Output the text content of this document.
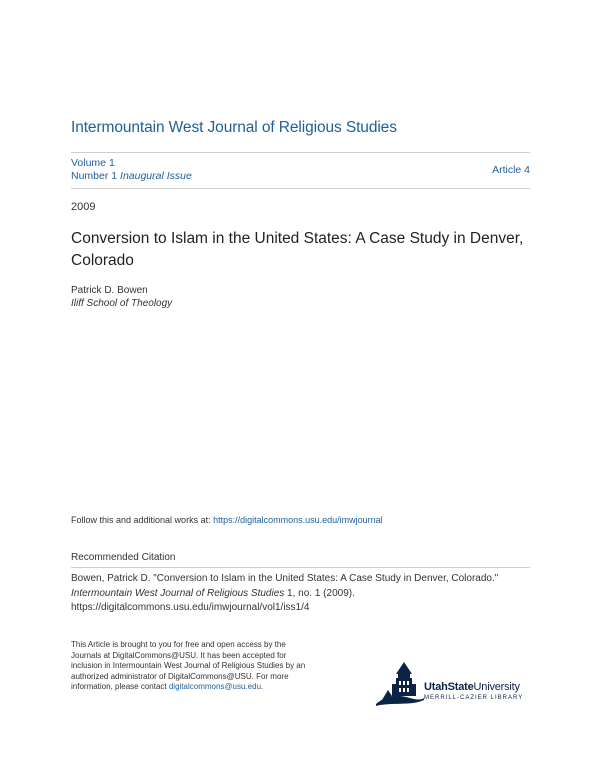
Intermountain West Journal of Religious Studies
Volume 1
Number 1 Inaugural Issue	Article 4
2009
Conversion to Islam in the United States: A Case Study in Denver, Colorado
Patrick D. Bowen
Iliff School of Theology
Follow this and additional works at: https://digitalcommons.usu.edu/imwjournal
Recommended Citation
Bowen, Patrick D. "Conversion to Islam in the United States: A Case Study in Denver, Colorado."
Intermountain West Journal of Religious Studies 1, no. 1 (2009).
https://digitalcommons.usu.edu/imwjournal/vol1/iss1/4
This Article is brought to you for free and open access by the Journals at DigitalCommons@USU. It has been accepted for inclusion in Intermountain West Journal of Religious Studies by an authorized administrator of DigitalCommons@USU. For more information, please contact digitalcommons@usu.edu.	UtahStateUniversity
MERRILL-CAZIER LIBRARY
